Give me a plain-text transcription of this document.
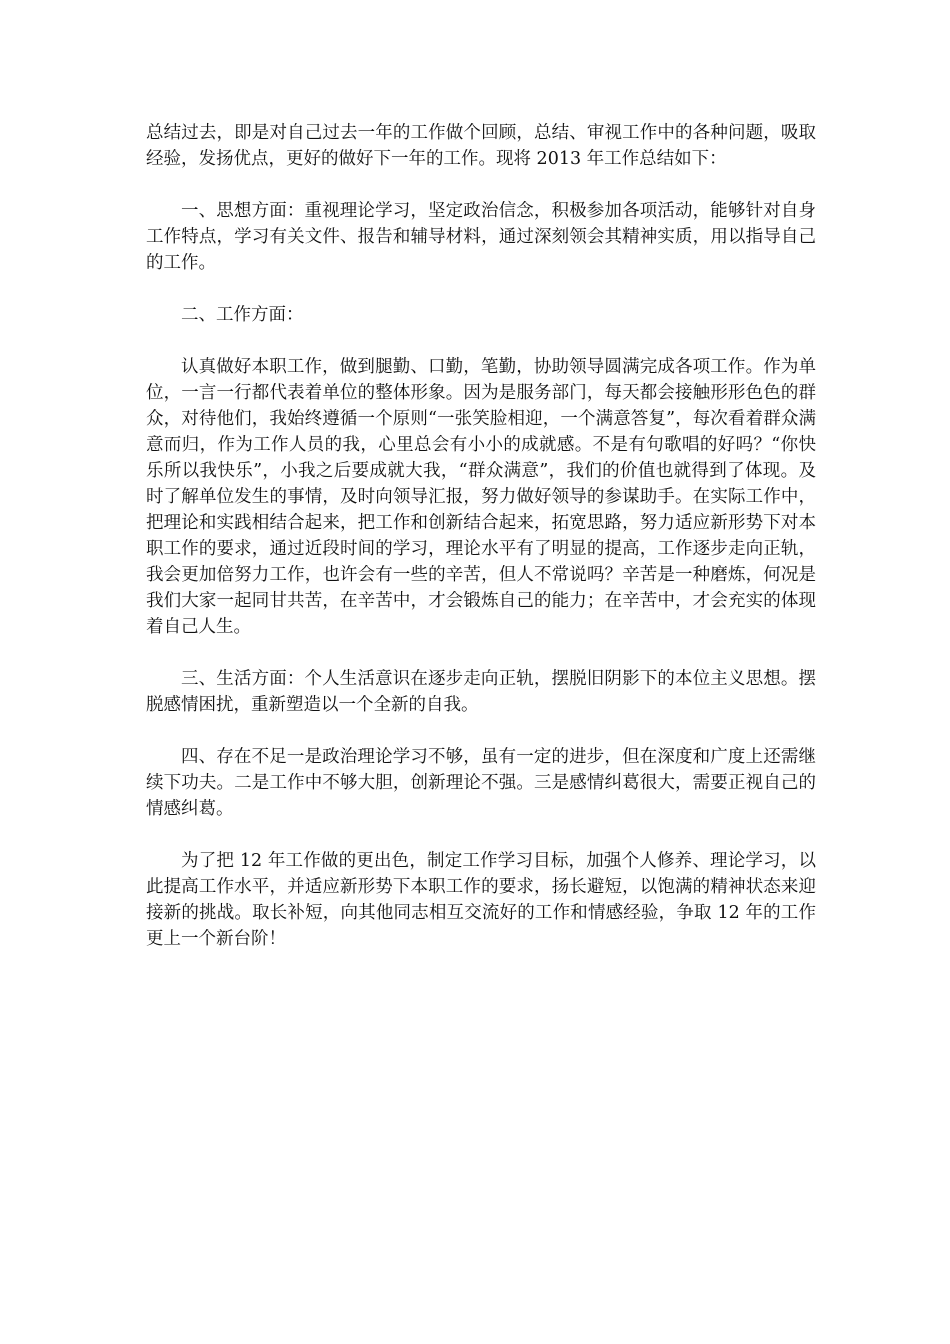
总结过去，即是对自己过去一年的工作做个回顾，总结、审视工作中的各种问题，吸取经验，发扬优点，更好的做好下一年的工作。现将 2013 年工作总结如下：

一、思想方面：重视理论学习，坚定政治信念，积极参加各项活动，能够针对自身工作特点，学习有关文件、报告和辅导材料，通过深刻领会其精神实质，用以指导自己的工作。

二、工作方面：

认真做好本职工作，做到腿勤、口勤，笔勤，协助领导圆满完成各项工作。作为单位，一言一行都代表着单位的整体形象。因为是服务部门，每天都会接触形形色色的群众，对待他们，我始终遵循一个原则“一张笑脸相迎，一个满意答复”，每次看着群众满意而归，作为工作人员的我，心里总会有小小的成就感。不是有句歌唱的好吗？“你快乐所以我快乐”，小我之后要成就大我，“群众满意”，我们的价值也就得到了体现。及时了解单位发生的事情，及时向领导汇报，努力做好领导的参谋助手。在实际工作中，把理论和实践相结合起来，把工作和创新结合起来，拓宽思路，努力适应新形势下对本职工作的要求，通过近段时间的学习，理论水平有了明显的提高，工作逐步走向正轨，我会更加倍努力工作，也许会有一些的辛苦，但人不常说吗？辛苦是一种磨炼，何况是我们大家一起同甘共苦，在辛苦中，才会锻炼自己的能力；在辛苦中，才会充实的体现着自己人生。

三、生活方面：个人生活意识在逐步走向正轨，摆脱旧阴影下的本位主义思想。摆脱感情困扰，重新塑造以一个全新的自我。

四、存在不足一是政治理论学习不够，虽有一定的进步，但在深度和广度上还需继续下功夫。二是工作中不够大胆，创新理论不强。三是感情纠葛很大，需要正视自己的情感纠葛。

为了把 12 年工作做的更出色，制定工作学习目标，加强个人修养、理论学习，以此提高工作水平，并适应新形势下本职工作的要求，扬长避短，以饱满的精神状态来迎接新的挑战。取长补短，向其他同志相互交流好的工作和情感经验，争取 12 年的工作更上一个新台阶！
